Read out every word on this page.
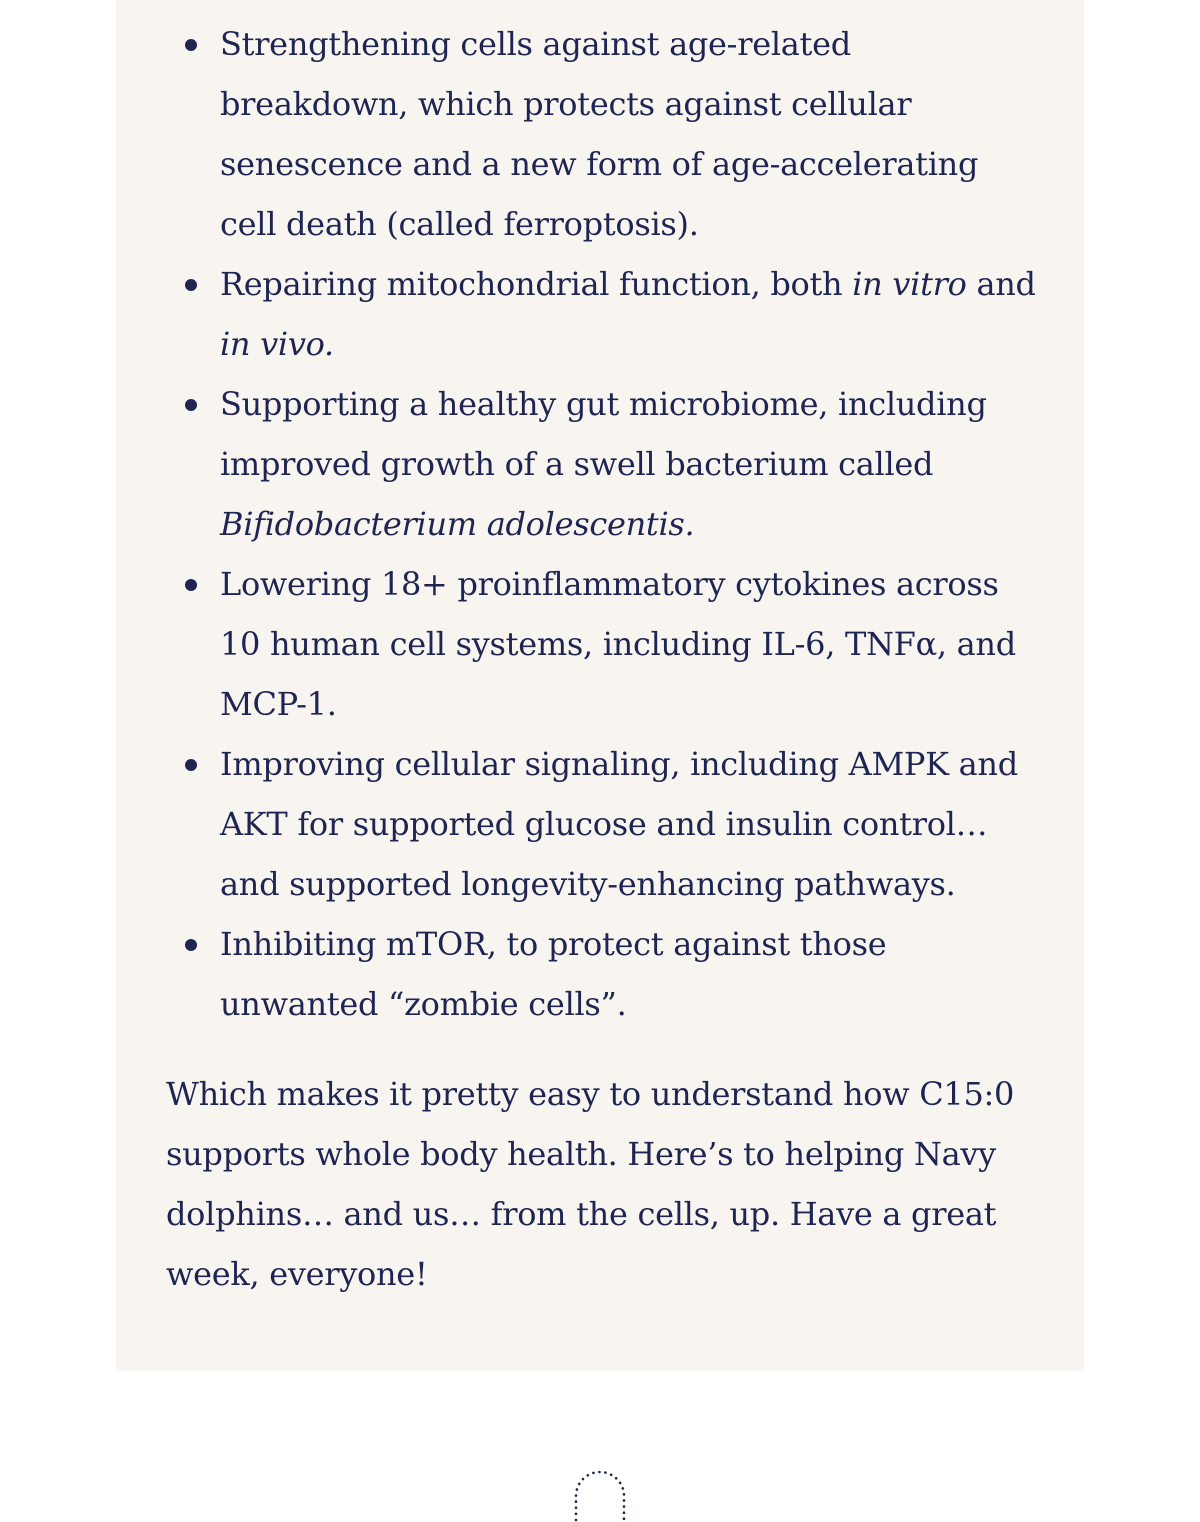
Strengthening cells against age-related breakdown, which protects against cellular senescence and a new form of age-accelerating cell death (called ferroptosis).
Repairing mitochondrial function, both in vitro and
in vivo.
Supporting a healthy gut microbiome, including improved growth of a swell bacterium called Bifidobacterium adolescentis.
Lowering 18+ proinflammatory cytokines across 10 human cell systems, including IL-6, TNFα, and MCP-1.
Improving cellular signaling, including AMPK and AKT for supported glucose and insulin control… and supported longevity-enhancing pathways.
Inhibiting mTOR, to protect against those unwanted “zombie cells”.

Which makes it pretty easy to understand how C15:0 supports whole body health. Here’s to helping Navy dolphins… and us… from the cells, up. Have a great week, everyone!
